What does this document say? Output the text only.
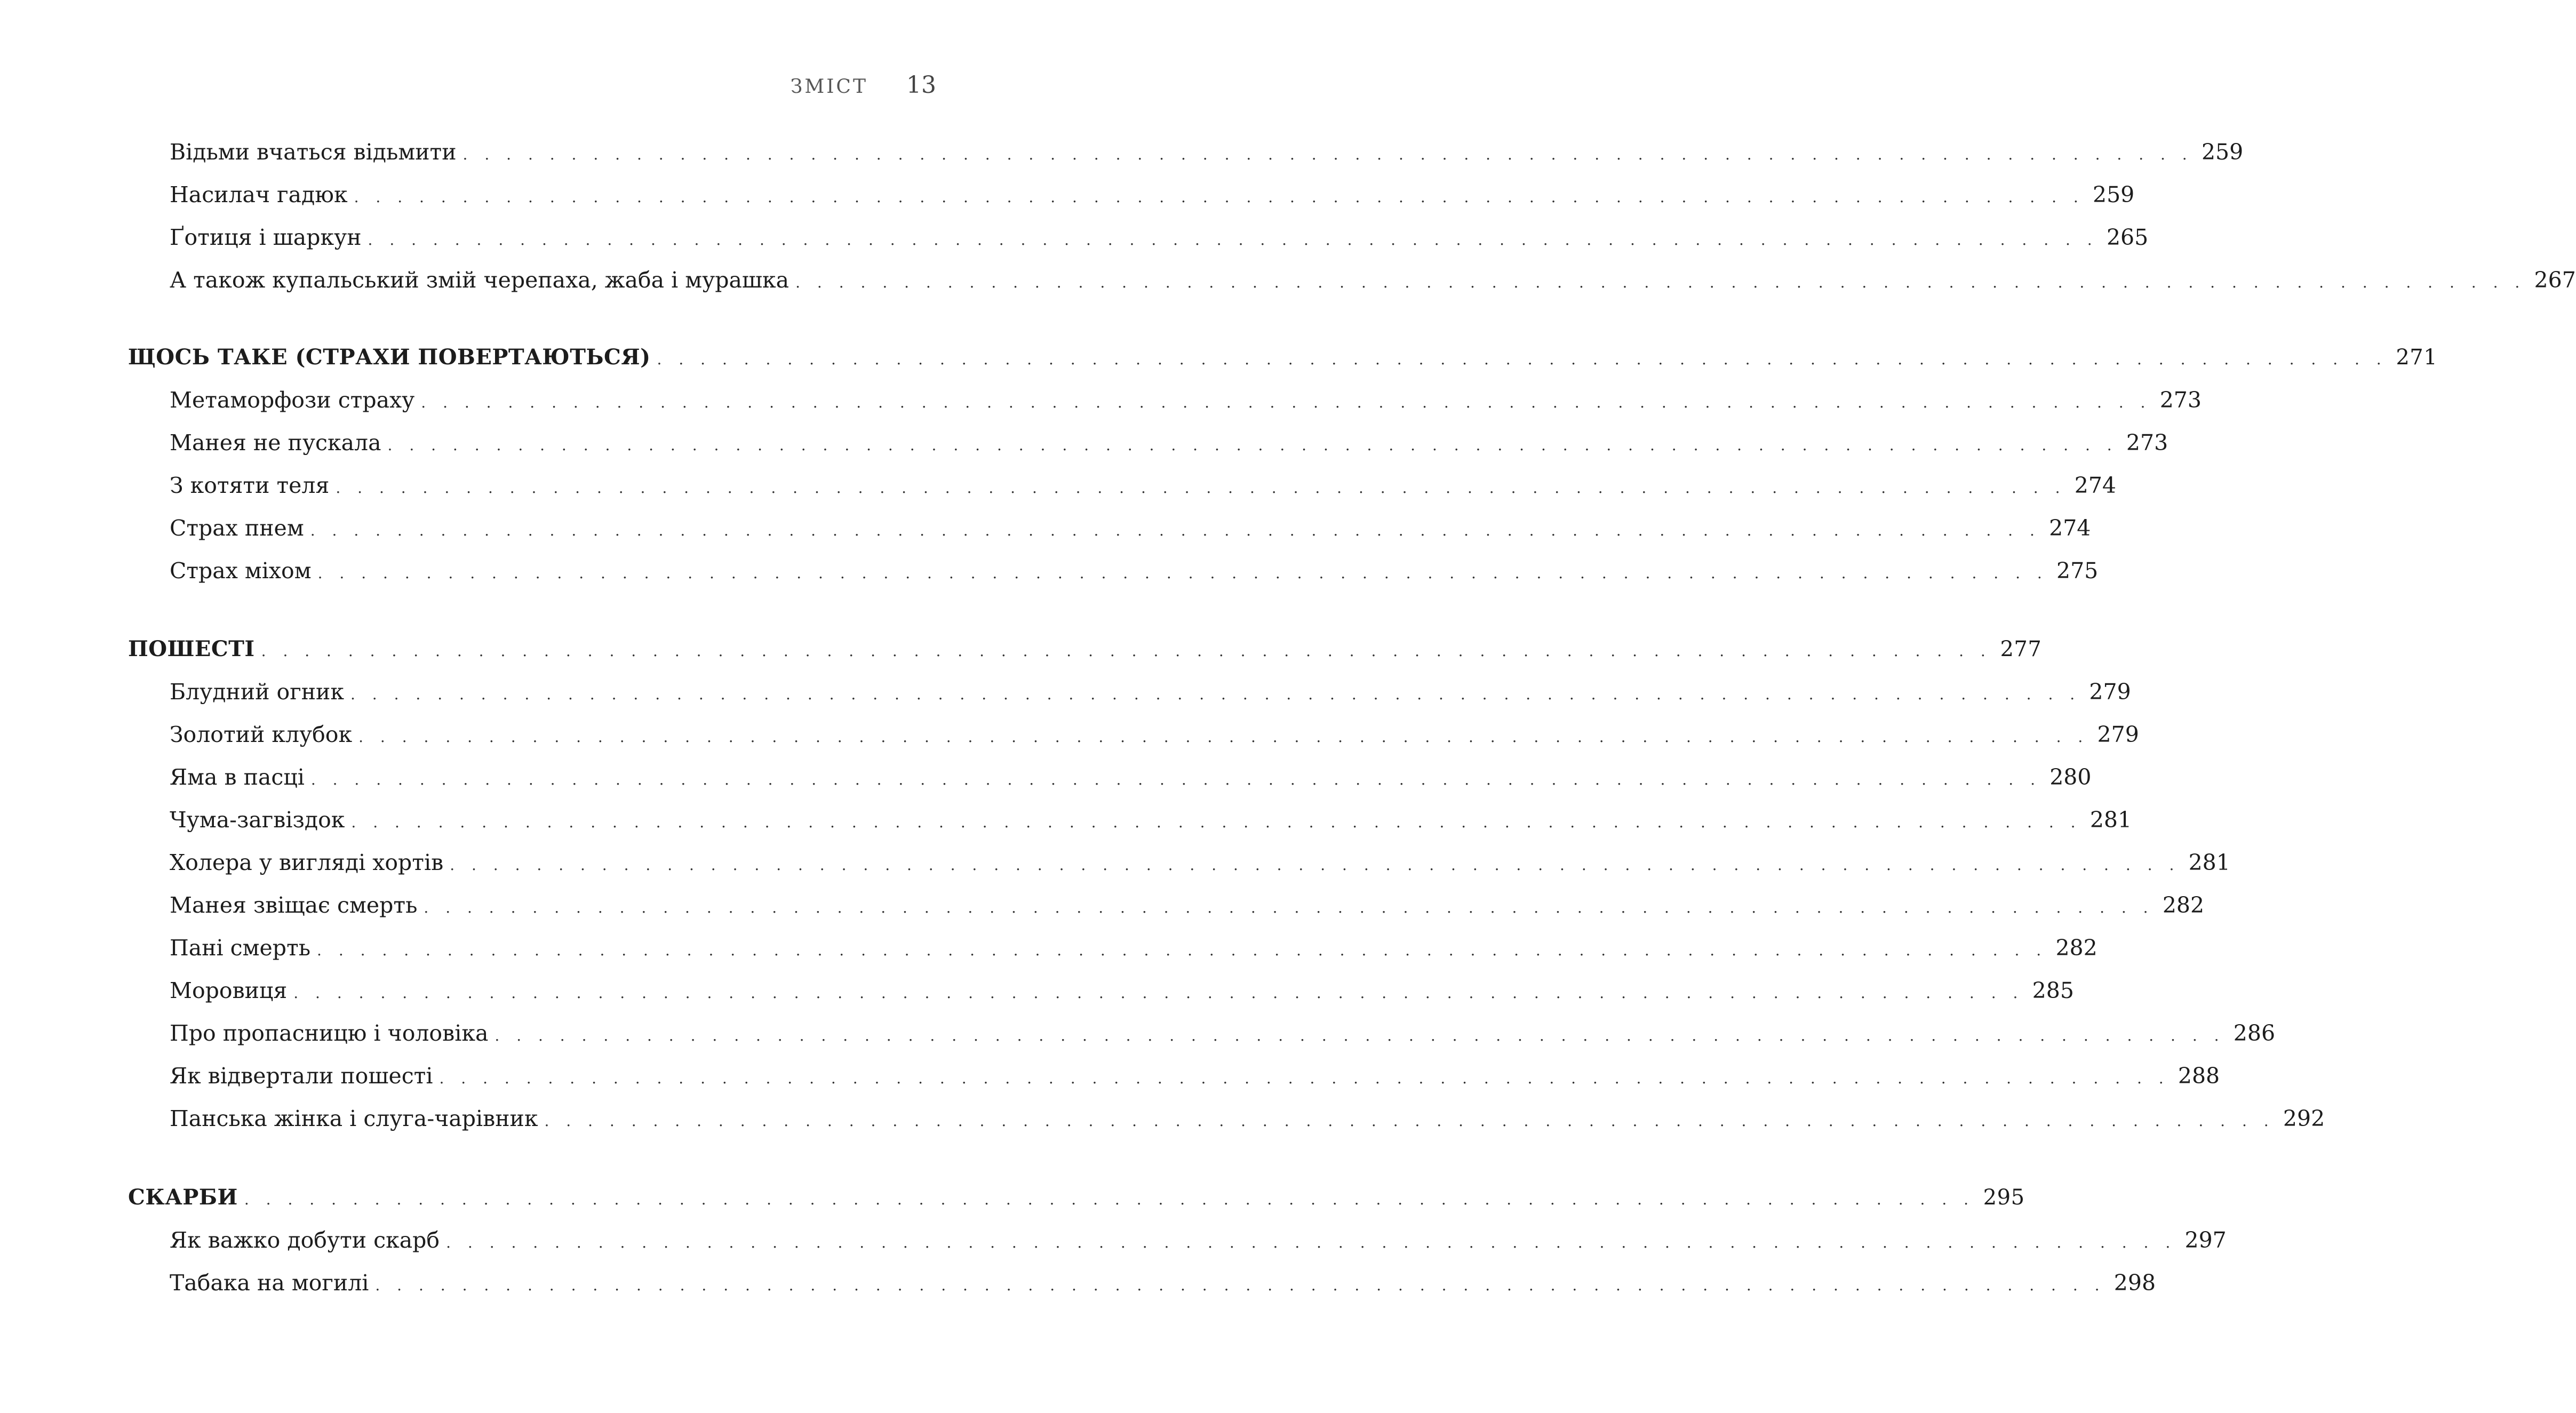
ЗМІСТ 13
Відьми вчаться відьмити . . . . . . . . . . . . . . . . . . . . . . . . . . . . . . . . . . . . . . . . . . . . . . . . . . . . . . . . . . . . . . . . . . . . . . . . . . . . . . . . 259
Насилач гадюк . . . . . . . . . . . . . . . . . . . . . . . . . . . . . . . . . . . . . . . . . . . . . . . . . . . . . . . . . . . . . . . . . . . . . . . . . . . . . . . . 259
Ґотиця і шаркун . . . . . . . . . . . . . . . . . . . . . . . . . . . . . . . . . . . . . . . . . . . . . . . . . . . . . . . . . . . . . . . . . . . . . . . . . . . . . . . . 265
А також купальський змій черепаха, жаба і мурашка . . . . . . . . . . . . . . . . . . . . . . . . . . . . . . . . . . . . . . . . . . . . . . . . . . . . . . . . . . . . . . . . . . . . . . . . . . . . . . . . 267
ЩОСЬ ТАКЕ (СТРАХИ ПОВЕРТАЮТЬСЯ) . . . . . . . . . . . . . . . . . . . . . . . . . . . . . . . . . . . . . . . . . . . . . . . . . . . . . . . . . . . . . . . . . . . . . . . . . . . . . . . . 271
Метаморфози страху . . . . . . . . . . . . . . . . . . . . . . . . . . . . . . . . . . . . . . . . . . . . . . . . . . . . . . . . . . . . . . . . . . . . . . . . . . . . . . . . 273
Манея не пускала . . . . . . . . . . . . . . . . . . . . . . . . . . . . . . . . . . . . . . . . . . . . . . . . . . . . . . . . . . . . . . . . . . . . . . . . . . . . . . . . 273
З котяти теля . . . . . . . . . . . . . . . . . . . . . . . . . . . . . . . . . . . . . . . . . . . . . . . . . . . . . . . . . . . . . . . . . . . . . . . . . . . . . . . . 274
Страх пнем . . . . . . . . . . . . . . . . . . . . . . . . . . . . . . . . . . . . . . . . . . . . . . . . . . . . . . . . . . . . . . . . . . . . . . . . . . . . . . . . 274
Страх міхом . . . . . . . . . . . . . . . . . . . . . . . . . . . . . . . . . . . . . . . . . . . . . . . . . . . . . . . . . . . . . . . . . . . . . . . . . . . . . . . . 275
ПОШЕСТІ . . . . . . . . . . . . . . . . . . . . . . . . . . . . . . . . . . . . . . . . . . . . . . . . . . . . . . . . . . . . . . . . . . . . . . . . . . . . . . . . 277
Блудний огник . . . . . . . . . . . . . . . . . . . . . . . . . . . . . . . . . . . . . . . . . . . . . . . . . . . . . . . . . . . . . . . . . . . . . . . . . . . . . . . . 279
Золотий клубок . . . . . . . . . . . . . . . . . . . . . . . . . . . . . . . . . . . . . . . . . . . . . . . . . . . . . . . . . . . . . . . . . . . . . . . . . . . . . . . . 279
Яма в пасці . . . . . . . . . . . . . . . . . . . . . . . . . . . . . . . . . . . . . . . . . . . . . . . . . . . . . . . . . . . . . . . . . . . . . . . . . . . . . . . . 280
Чума-загвіздок . . . . . . . . . . . . . . . . . . . . . . . . . . . . . . . . . . . . . . . . . . . . . . . . . . . . . . . . . . . . . . . . . . . . . . . . . . . . . . . . 281
Холера у вигляді хортів . . . . . . . . . . . . . . . . . . . . . . . . . . . . . . . . . . . . . . . . . . . . . . . . . . . . . . . . . . . . . . . . . . . . . . . . . . . . . . . . 281
Манея звіщає смерть . . . . . . . . . . . . . . . . . . . . . . . . . . . . . . . . . . . . . . . . . . . . . . . . . . . . . . . . . . . . . . . . . . . . . . . . . . . . . . . . 282
Пані смерть . . . . . . . . . . . . . . . . . . . . . . . . . . . . . . . . . . . . . . . . . . . . . . . . . . . . . . . . . . . . . . . . . . . . . . . . . . . . . . . . 282
Моровиця . . . . . . . . . . . . . . . . . . . . . . . . . . . . . . . . . . . . . . . . . . . . . . . . . . . . . . . . . . . . . . . . . . . . . . . . . . . . . . . . 285
Про пропасницю і чоловіка . . . . . . . . . . . . . . . . . . . . . . . . . . . . . . . . . . . . . . . . . . . . . . . . . . . . . . . . . . . . . . . . . . . . . . . . . . . . . . . . 286
Як відвертали пошесті . . . . . . . . . . . . . . . . . . . . . . . . . . . . . . . . . . . . . . . . . . . . . . . . . . . . . . . . . . . . . . . . . . . . . . . . . . . . . . . . 288
Панська жінка і слуга-чарівник . . . . . . . . . . . . . . . . . . . . . . . . . . . . . . . . . . . . . . . . . . . . . . . . . . . . . . . . . . . . . . . . . . . . . . . . . . . . . . . . 292
СКАРБИ . . . . . . . . . . . . . . . . . . . . . . . . . . . . . . . . . . . . . . . . . . . . . . . . . . . . . . . . . . . . . . . . . . . . . . . . . . . . . . . . 295
Як важко добути скарб . . . . . . . . . . . . . . . . . . . . . . . . . . . . . . . . . . . . . . . . . . . . . . . . . . . . . . . . . . . . . . . . . . . . . . . . . . . . . . . . 297
Табака на могилі . . . . . . . . . . . . . . . . . . . . . . . . . . . . . . . . . . . . . . . . . . . . . . . . . . . . . . . . . . . . . . . . . . . . . . . . . . . . . . . . 298
